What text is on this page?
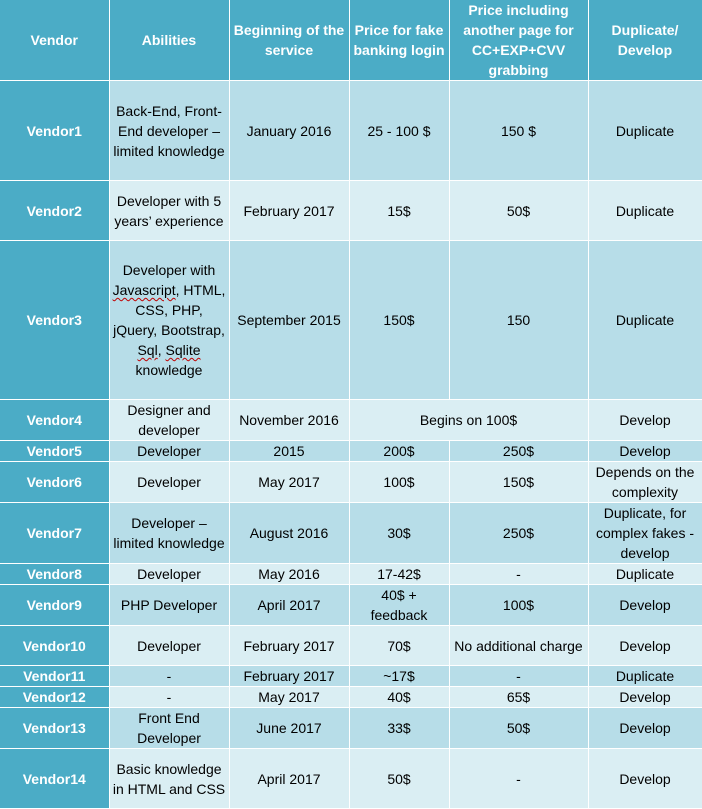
Vendor	Abilities	Beginning of the service	Price for fake banking login	Price including another page for CC+EXP+CVV grabbing	Duplicate/ Develop
Vendor1	Back-End, Front-End developer – limited knowledge	January 2016	25 - 100 $	150 $	Duplicate
Vendor2	Developer with 5 years’ experience	February 2017	15$	50$	Duplicate
Vendor3	Developer with Javascript, HTML, CSS, PHP, jQuery, Bootstrap, Sql, Sqlite knowledge	September 2015	150$	150	Duplicate
Vendor4	Designer and developer	November 2016	Begins on 100$		Develop
Vendor5	Developer	2015	200$	250$	Develop
Vendor6	Developer	May 2017	100$	150$	Depends on the complexity
Vendor7	Developer – limited knowledge	August 2016	30$	250$	Duplicate, for complex fakes - develop
Vendor8	Developer	May 2016	17-42$	-	Duplicate
Vendor9	PHP Developer	April 2017	40$ + feedback	100$	Develop
Vendor10	Developer	February 2017	70$	No additional charge	Develop
Vendor11	-	February 2017	~17$	-	Duplicate
Vendor12	-	May 2017	40$	65$	Develop
Vendor13	Front End Developer	June 2017	33$	50$	Develop
Vendor14	Basic knowledge in HTML and CSS	April 2017	50$	-	Develop
